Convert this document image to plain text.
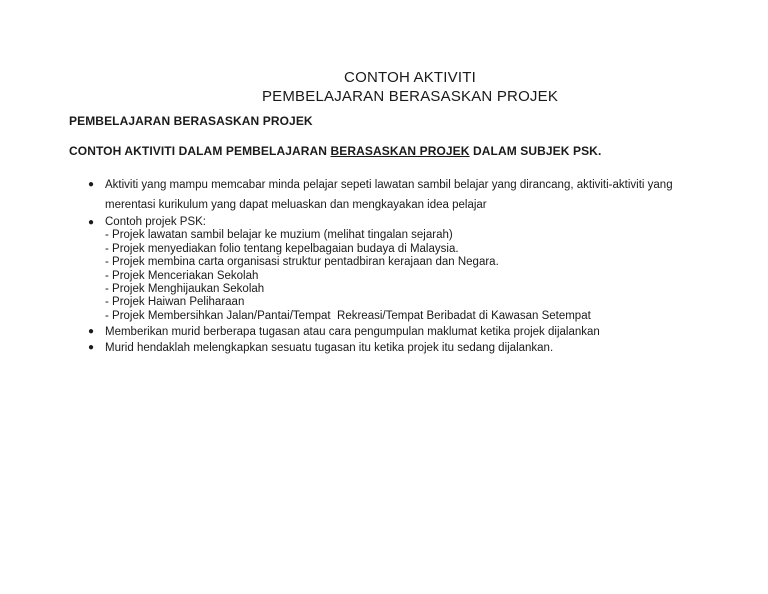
CONTOH AKTIVITI
PEMBELAJARAN BERASASKAN PROJEK
PEMBELAJARAN BERASASKAN PROJEK
CONTOH AKTIVITI DALAM PEMBELAJARAN BERASASKAN PROJEK DALAM SUBJEK PSK.
● Aktiviti yang mampu memcabar minda pelajar sepeti lawatan sambil belajar yang dirancang, aktiviti-aktiviti yang
merentasi kurikulum yang dapat meluaskan dan mengkayakan idea pelajar
● Contoh projek PSK:
- Projek lawatan sambil belajar ke muzium (melihat tingalan sejarah)
- Projek menyediakan folio tentang kepelbagaian budaya di Malaysia.
- Projek membina carta organisasi struktur pentadbiran kerajaan dan Negara.
- Projek Menceriakan Sekolah
- Projek Menghijaukan Sekolah
- Projek Haiwan Peliharaan
- Projek Membersihkan Jalan/Pantai/Tempat  Rekreasi/Tempat Beribadat di Kawasan Setempat
● Memberikan murid berberapa tugasan atau cara pengumpulan maklumat ketika projek dijalankan
● Murid hendaklah melengkapkan sesuatu tugasan itu ketika projek itu sedang dijalankan.
